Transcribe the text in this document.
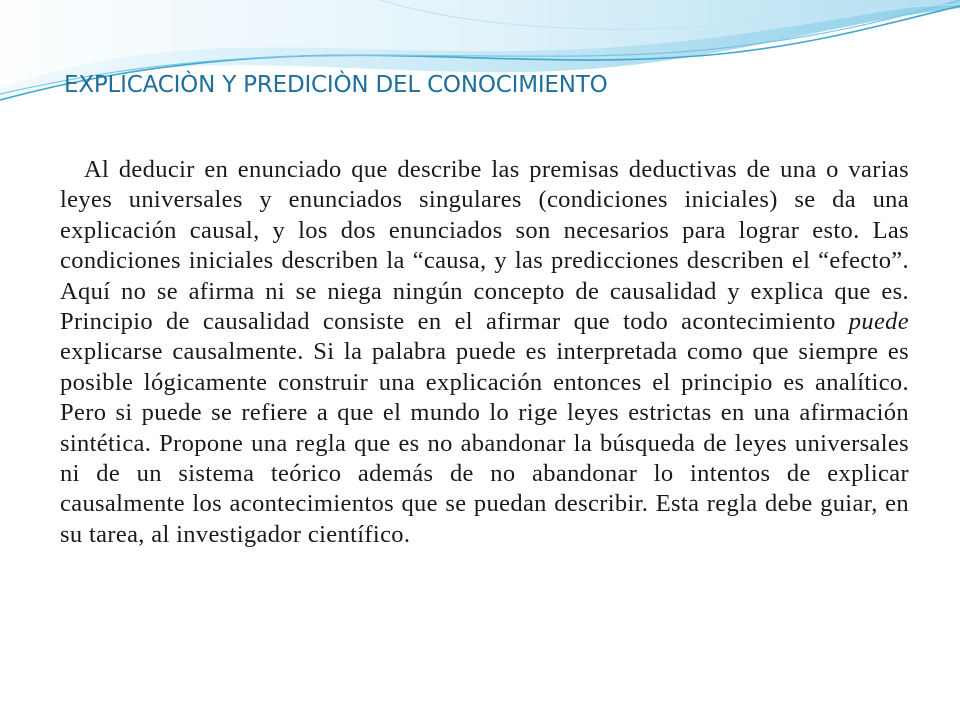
EXPLICACIÒN Y PREDICIÒN DEL CONOCIMIENTO

Al deducir en enunciado que describe las premisas deductivas de una o varias leyes universales y enunciados singulares (condiciones iniciales) se da una explicación causal, y los dos enunciados son necesarios para lograr esto. Las condiciones iniciales describen la “causa, y las predicciones describen el “efecto”. Aquí no se afirma ni se niega ningún concepto de causalidad y explica que es. Principio de causalidad consiste en el afirmar que todo acontecimiento puede explicarse causalmente. Si la palabra puede es interpretada como que siempre es posible lógicamente construir una explicación entonces el principio es analítico. Pero si puede se refiere a que el mundo lo rige leyes estrictas en una afirmación sintética. Propone una regla que es no abandonar la búsqueda de leyes universales ni de un sistema teórico además de no abandonar lo intentos de explicar causalmente los acontecimientos que se puedan describir. Esta regla debe guiar, en su tarea, al investigador científico.
